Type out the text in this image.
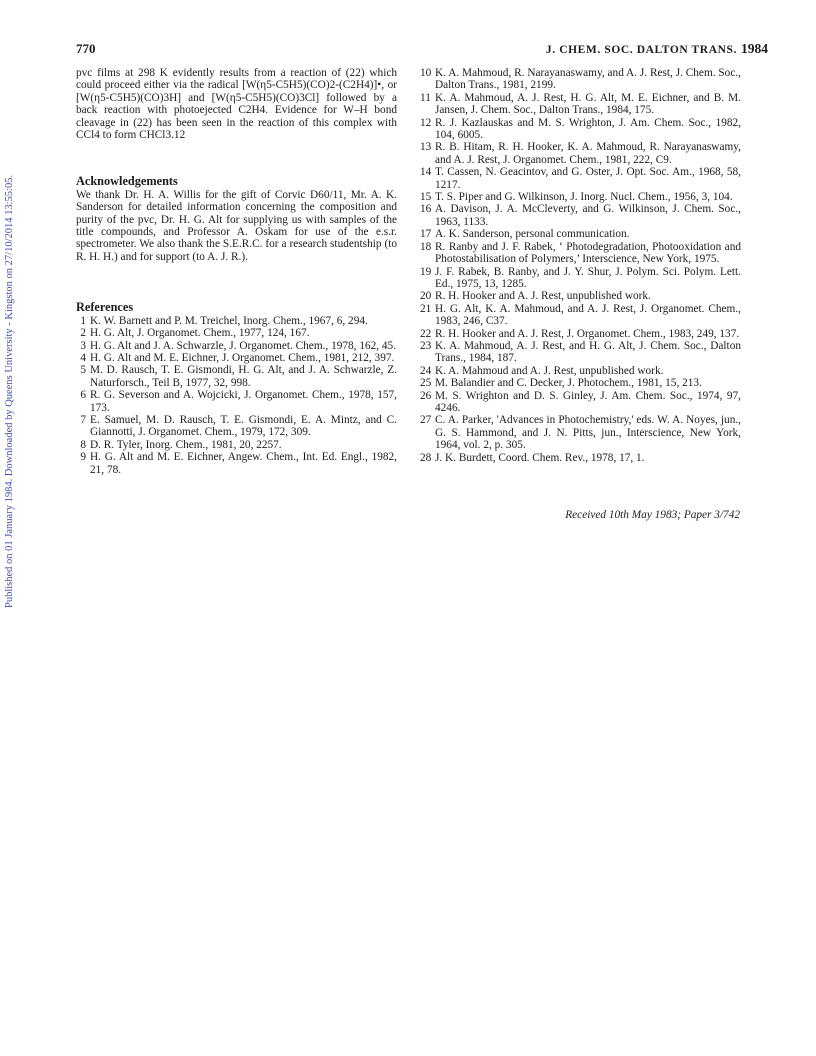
Published on 01 January 1984. Downloaded by Queens University - Kingston on 27/10/2014 13:55:05.
770	J. CHEM. SOC. DALTON TRANS. 1984
pvc films at 298 K evidently results from a reaction of (22) which could proceed either via the radical [W(η5-C5H5)(CO)2-(C2H4)]•, or [W(η5-C5H5)(CO)3H] and [W(η5-C5H5)(CO)3Cl] followed by a back reaction with photoejected C2H4. Evidence for W–H bond cleavage in (22) has been seen in the reaction of this complex with CCl4 to form CHCl3.12
Acknowledgements
We thank Dr. H. A. Willis for the gift of Corvic D60/11, Mr. A. K. Sanderson for detailed information concerning the composition and purity of the pvc, Dr. H. G. Alt for supplying us with samples of the title compounds, and Professor A. Oskam for use of the e.s.r. spectrometer. We also thank the S.E.R.C. for a research studentship (to R. H. H.) and for support (to A. J. R.).
References
1 K. W. Barnett and P. M. Treichel, Inorg. Chem., 1967, 6, 294.
2 H. G. Alt, J. Organomet. Chem., 1977, 124, 167.
3 H. G. Alt and J. A. Schwarzle, J. Organomet. Chem., 1978, 162, 45.
4 H. G. Alt and M. E. Eichner, J. Organomet. Chem., 1981, 212, 397.
5 M. D. Rausch, T. E. Gismondi, H. G. Alt, and J. A. Schwarzle, Z. Naturforsch., Teil B, 1977, 32, 998.
6 R. G. Severson and A. Wojcicki, J. Organomet. Chem., 1978, 157, 173.
7 E. Samuel, M. D. Rausch, T. E. Gismondi, E. A. Mintz, and C. Giannotti, J. Organomet. Chem., 1979, 172, 309.
8 D. R. Tyler, Inorg. Chem., 1981, 20, 2257.
9 H. G. Alt and M. E. Eichner, Angew. Chem., Int. Ed. Engl., 1982, 21, 78.
10 K. A. Mahmoud, R. Narayanaswamy, and A. J. Rest, J. Chem. Soc., Dalton Trans., 1981, 2199.
11 K. A. Mahmoud, A. J. Rest, H. G. Alt, M. E. Eichner, and B. M. Jansen, J. Chem. Soc., Dalton Trans., 1984, 175.
12 R. J. Kazlauskas and M. S. Wrighton, J. Am. Chem. Soc., 1982, 104, 6005.
13 R. B. Hitam, R. H. Hooker, K. A. Mahmoud, R. Narayanaswamy, and A. J. Rest, J. Organomet. Chem., 1981, 222, C9.
14 T. Cassen, N. Geacintov, and G. Oster, J. Opt. Soc. Am., 1968, 58, 1217.
15 T. S. Piper and G. Wilkinson, J. Inorg. Nucl. Chem., 1956, 3, 104.
16 A. Davison, J. A. McCleverty, and G. Wilkinson, J. Chem. Soc., 1963, 1133.
17 A. K. Sanderson, personal communication.
18 R. Ranby and J. F. Rabek, ‘ Photodegradation, Photooxidation and Photostabilisation of Polymers,’ Interscience, New York, 1975.
19 J. F. Rabek, B. Ranby, and J. Y. Shur, J. Polym. Sci. Polym. Lett. Ed., 1975, 13, 1285.
20 R. H. Hooker and A. J. Rest, unpublished work.
21 H. G. Alt, K. A. Mahmoud, and A. J. Rest, J. Organomet. Chem., 1983, 246, C37.
22 R. H. Hooker and A. J. Rest, J. Organomet. Chem., 1983, 249, 137.
23 K. A. Mahmoud, A. J. Rest, and H. G. Alt, J. Chem. Soc., Dalton Trans., 1984, 187.
24 K. A. Mahmoud and A. J. Rest, unpublished work.
25 M. Balandier and C. Decker, J. Photochem., 1981, 15, 213.
26 M. S. Wrighton and D. S. Ginley, J. Am. Chem. Soc., 1974, 97, 4246.
27 C. A. Parker, 'Advances in Photochemistry,' eds. W. A. Noyes, jun., G. S. Hammond, and J. N. Pitts, jun., Interscience, New York, 1964, vol. 2, p. 305.
28 J. K. Burdett, Coord. Chem. Rev., 1978, 17, 1.
Received 10th May 1983; Paper 3/742
